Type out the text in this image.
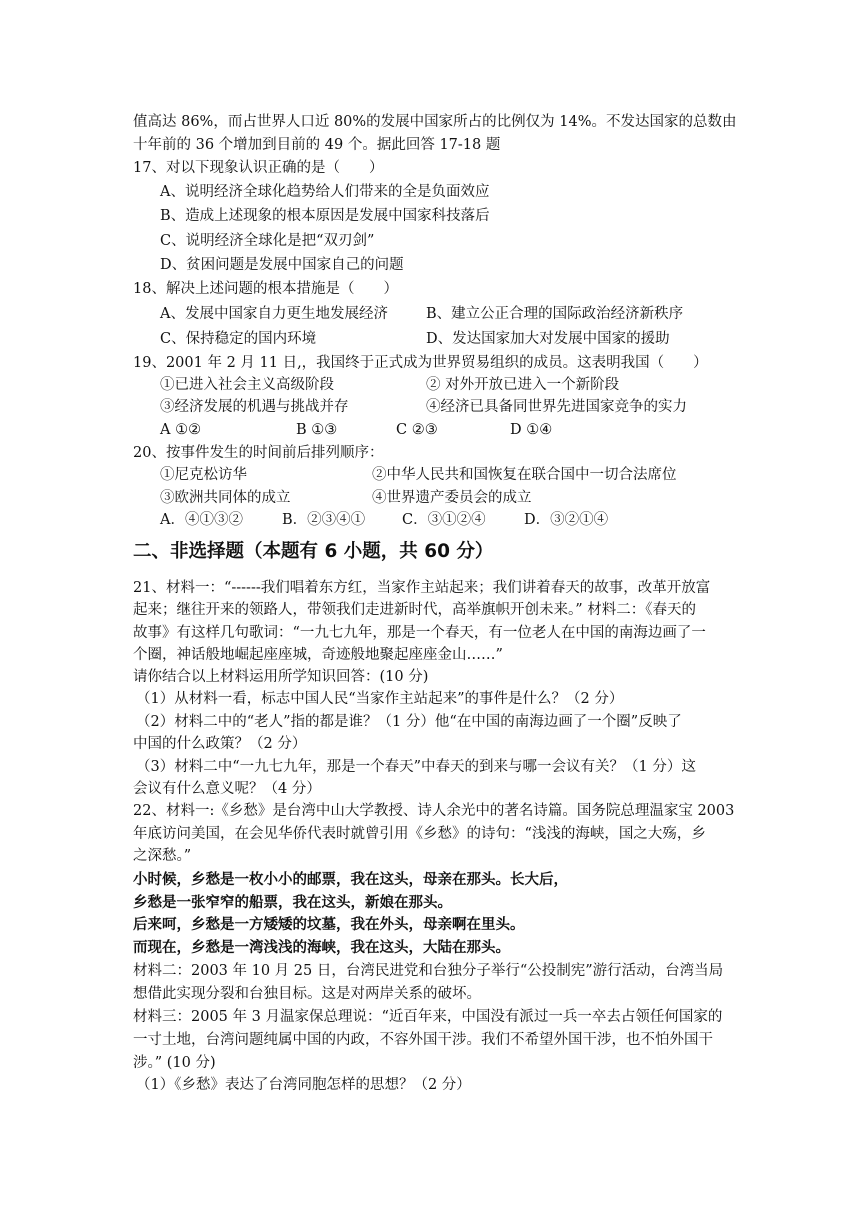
值高达 86%，而占世界人口近 80%的发展中国家所占的比例仅为 14%。不发达国家的总数由
十年前的 36 个增加到目前的 49 个。据此回答 17-18 题
17、对以下现象认识正确的是（　　）
A、说明经济全球化趋势给人们带来的全是负面效应
B、造成上述现象的根本原因是发展中国家科技落后
C、说明经济全球化是把“双刃剑”
D、贫困问题是发展中国家自己的问题
18、解决上述问题的根本措施是（　　）
A、发展中国家自力更生地发展经济	B、建立公正合理的国际政治经济新秩序
C、保持稳定的国内环境	D、发达国家加大对发展中国家的援助
19、2001 年 2 月 11 日,，我国终于正式成为世界贸易组织的成员。这表明我国（　　）
①已进入社会主义高级阶段	② 对外开放已进入一个新阶段
③经济发展的机遇与挑战并存	④经济已具备同世界先进国家竞争的实力
A ①②	B ①③	C ②③	D ①④
20、按事件发生的时间前后排列顺序：
①尼克松访华	②中华人民共和国恢复在联合国中一切合法席位
③欧洲共同体的成立	④世界遗产委员会的成立
A．④①③②	B．②③④①	C．③①②④	D．③②①④
二、非选择题（本题有 6 小题，共 60 分）
21、材料一：“------我们唱着东方红，当家作主站起来；我们讲着春天的故事，改革开放富
起来；继往开来的领路人，带领我们走进新时代，高举旗帜开创未来。” 材料二：《春天的
故事》有这样几句歌词：“一九七九年，那是一个春天，有一位老人在中国的南海边画了一
个圈，神话般地崛起座座城，奇迹般地聚起座座金山……”
请你结合以上材料运用所学知识回答：(10 分)
（1）从材料一看，标志中国人民“当家作主站起来”的事件是什么？（2 分）
（2）材料二中的“老人”指的都是谁？（1 分）他“在中国的南海边画了一个圈”反映了
中国的什么政策？（2 分）
（3）材料二中“一九七九年，那是一个春天”中春天的到来与哪一会议有关？（1 分）这
会议有什么意义呢？（4 分）
22、材料一:《乡愁》是台湾中山大学教授、诗人余光中的著名诗篇。国务院总理温家宝 2003
年底访问美国，在会见华侨代表时就曾引用《乡愁》的诗句：“浅浅的海峡，国之大殇，乡
之深愁。”
小时候，乡愁是一枚小小的邮票，我在这头，母亲在那头。长大后，
乡愁是一张窄窄的船票，我在这头，新娘在那头。
后来呵，乡愁是一方矮矮的坟墓，我在外头，母亲啊在里头。
而现在，乡愁是一湾浅浅的海峡，我在这头，大陆在那头。
材料二：2003 年 10 月 25 日，台湾民进党和台独分子举行“公投制宪”游行活动，台湾当局
想借此实现分裂和台独目标。这是对两岸关系的破坏。
材料三：2005 年 3 月温家保总理说：“近百年来，中国没有派过一兵一卒去占领任何国家的
一寸土地，台湾问题纯属中国的内政，不容外国干涉。我们不希望外国干涉，也不怕外国干
涉。” (10 分)
（1）《乡愁》表达了台湾同胞怎样的思想？（2 分）
